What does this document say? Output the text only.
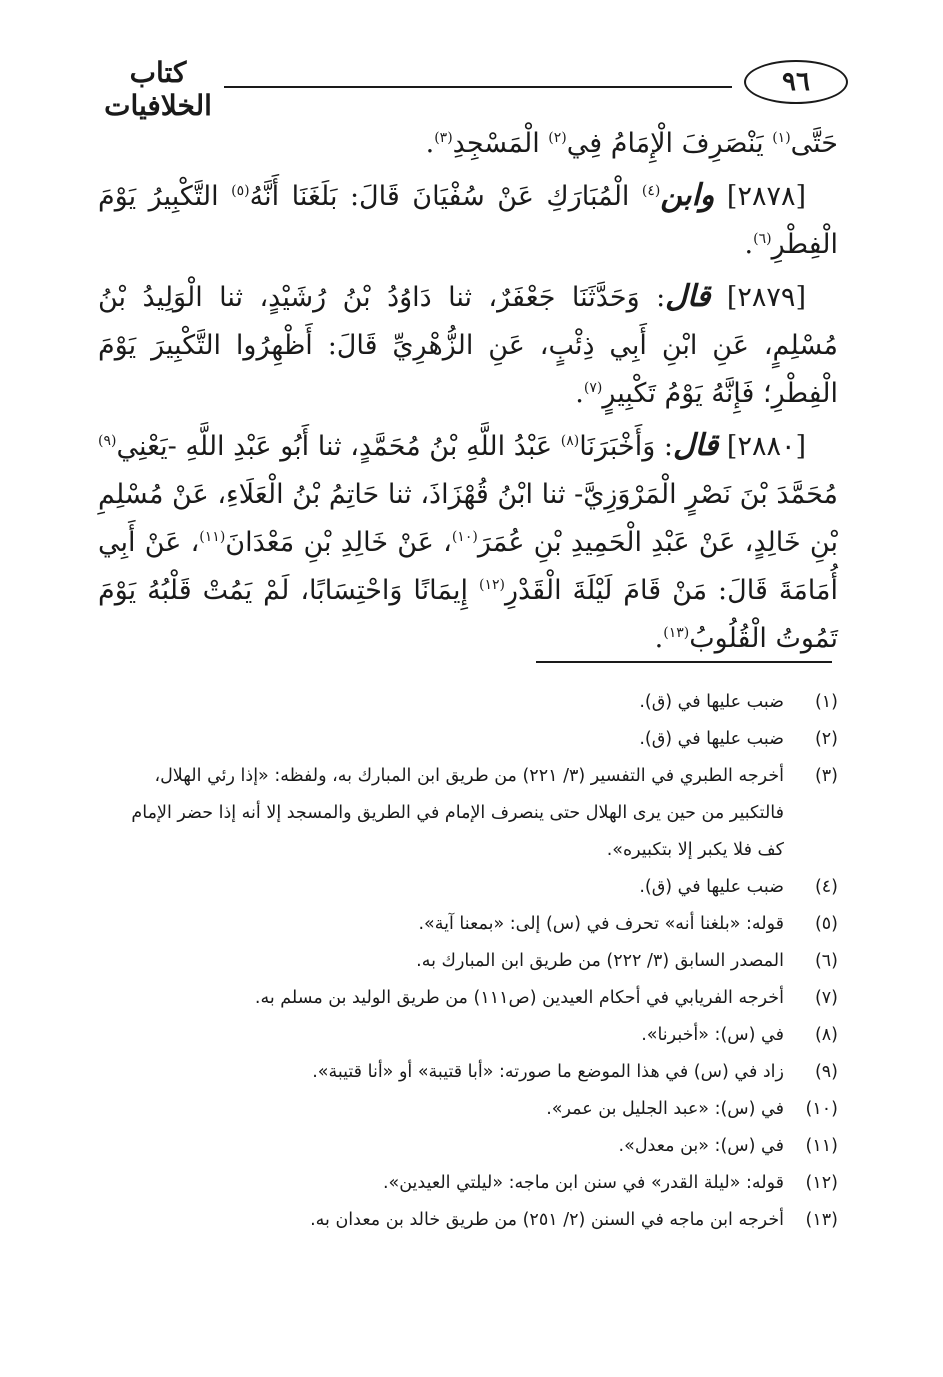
٩٦
كتاب الخلافيات

حَتَّى$^{(١)}$ يَنْصَرِفَ الْإِمَامُ فِي$^{(٢)}$ الْمَسْجِدِ$^{(٣)}$.

[٢٨٧٨] وابن$^{(٤)}$ الْمُبَارَكِ عَنْ سُفْيَانَ قَالَ: بَلَغَنَا أَنَّهُ$^{(٥)}$ التَّكْبِيرُ يَوْمَ الْفِطْرِ$^{(٦)}$.

[٢٨٧٩] قال: وَحَدَّثَنَا جَعْفَرٌ، ثنا دَاوُدُ بْنُ رُشَيْدٍ، ثنا الْوَلِيدُ بْنُ مُسْلِمٍ، عَنِ ابْنِ أَبِي ذِئْبٍ، عَنِ الزُّهْرِيِّ قَالَ: أَظْهِرُوا التَّكْبِيرَ يَوْمَ الْفِطْرِ؛ فَإِنَّهُ يَوْمُ تَكْبِيرٍ$^{(٧)}$.

[٢٨٨٠] قال: وَأَخْبَرَنَا$^{(٨)}$ عَبْدُ اللَّهِ بْنُ مُحَمَّدٍ، ثنا أَبُو عَبْدِ اللَّهِ -يَعْنِي$^{(٩)}$ مُحَمَّدَ بْنَ نَصْرٍ الْمَرْوَزِيَّ- ثنا ابْنُ قُهْزَاذَ، ثنا حَاتِمُ بْنُ الْعَلَاءِ، عَنْ مُسْلِمِ بْنِ خَالِدٍ، عَنْ عَبْدِ الْحَمِيدِ بْنِ عُمَرَ$^{(١٠)}$، عَنْ خَالِدِ بْنِ مَعْدَانَ$^{(١١)}$، عَنْ أَبِي أُمَامَةَ قَالَ: مَنْ قَامَ لَيْلَةَ الْقَدْرِ$^{(١٢)}$ إِيمَانًا وَاحْتِسَابًا، لَمْ يَمُتْ قَلْبُهُ يَوْمَ تَمُوتُ الْقُلُوبُ$^{(١٣)}$.

(١)
ضبب عليها في (ق).
(٢)
ضبب عليها في (ق).
(٣)
أخرجه الطبري في التفسير (٣/ ٢٢١) من طريق ابن المبارك به، ولفظه: «إذا رئي الهلال، فالتكبير من حين يرى الهلال حتى ينصرف الإمام في الطريق والمسجد إلا أنه إذا حضر الإمام كف فلا يكبر إلا بتكبيره».
(٤)
ضبب عليها في (ق).
(٥)
قوله: «بلغنا أنه» تحرف في (س) إلى: «بمعنا آية».
(٦)
المصدر السابق (٣/ ٢٢٢) من طريق ابن المبارك به.
(٧)
أخرجه الفريابي في أحكام العيدين (ص١١١) من طريق الوليد بن مسلم به.
(٨)
في (س): «أخبرنا».
(٩)
زاد في (س) في هذا الموضع ما صورته: «أبا قتيبة» أو «أنا قتيبة».
(١٠)
في (س): «عبد الجليل بن عمر».
(١١)
في (س): «بن معدل».
(١٢)
قوله: «ليلة القدر» في سنن ابن ماجه: «ليلتي العيدين».
(١٣)
أخرجه ابن ماجه في السنن (٢/ ٢٥١) من طريق خالد بن معدان به.
